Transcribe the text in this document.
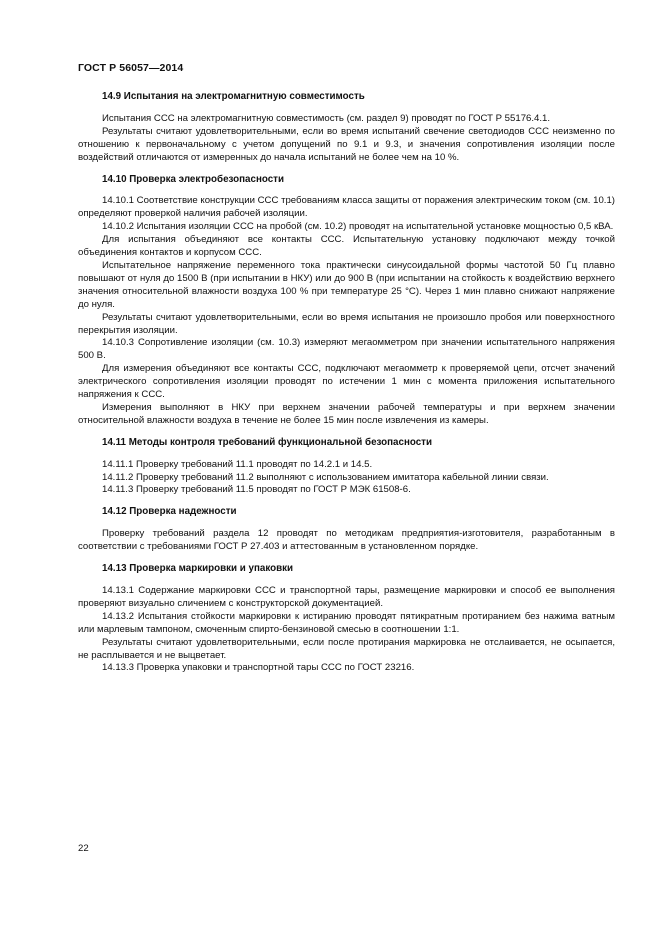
ГОСТ Р 56057—2014
14.9 Испытания на электромагнитную совместимость

Испытания ССС на электромагнитную совместимость (см. раздел 9) проводят по ГОСТ Р 55176.4.1.

Результаты считают удовлетворительными, если во время испытаний свечение светодиодов ССС неизменно по отношению к первоначальному с учетом допущений по 9.1 и 9.3, и значения сопротивления изоляции после воздействий отличаются от измеренных до начала испытаний не более чем на 10 %.

14.10 Проверка электробезопасности

14.10.1 Соответствие конструкции ССС требованиям класса защиты от поражения электрическим током (см. 10.1) определяют проверкой наличия рабочей изоляции.

14.10.2 Испытания изоляции ССС на пробой (см. 10.2) проводят на испытательной установке мощностью 0,5 кВА.

Для испытания объединяют все контакты ССС. Испытательную установку подключают между точкой объединения контактов и корпусом ССС.

Испытательное напряжение переменного тока практически синусоидальной формы частотой 50 Гц плавно повышают от нуля до 1500 В (при испытании в НКУ) или до 900 В (при испытании на стойкость к воздействию верхнего значения относительной влажности воздуха 100 % при температуре 25 °С). Через 1 мин плавно снижают напряжение до нуля.

Результаты считают удовлетворительными, если во время испытания не произошло пробоя или поверхностного перекрытия изоляции.

14.10.3 Сопротивление изоляции (см. 10.3) измеряют мегаомметром при значении испытательного напряжения 500 В.

Для измерения объединяют все контакты ССС, подключают мегаомметр к проверяемой цепи, отсчет значений электрического сопротивления изоляции проводят по истечении 1 мин с момента приложения испытательного напряжения к ССС.

Измерения выполняют в НКУ при верхнем значении рабочей температуры и при верхнем значении относительной влажности воздуха в течение не более 15 мин после извлечения из камеры.

14.11 Методы контроля требований функциональной безопасности

14.11.1 Проверку требований 11.1 проводят по 14.2.1 и 14.5.

14.11.2 Проверку требований 11.2 выполняют с использованием имитатора кабельной линии связи.

14.11.3 Проверку требований 11.5 проводят по ГОСТ Р МЭК 61508-6.

14.12 Проверка надежности

Проверку требований раздела 12 проводят по методикам предприятия-изготовителя, разработанным в соответствии с требованиями ГОСТ Р 27.403 и аттестованным в установленном порядке.

14.13 Проверка маркировки и упаковки

14.13.1 Содержание маркировки ССС и транспортной тары, размещение маркировки и способ ее выполнения проверяют визуально сличением с конструкторской документацией.

14.13.2 Испытания стойкости маркировки к истиранию проводят пятикратным протиранием без нажима ватным или марлевым тампоном, смоченным спирто-бензиновой смесью в соотношении 1:1.

Результаты считают удовлетворительными, если после протирания маркировка не отслаивается, не осыпается, не расплывается и не выцветает.

14.13.3 Проверка упаковки и транспортной тары ССС по ГОСТ 23216.

22
